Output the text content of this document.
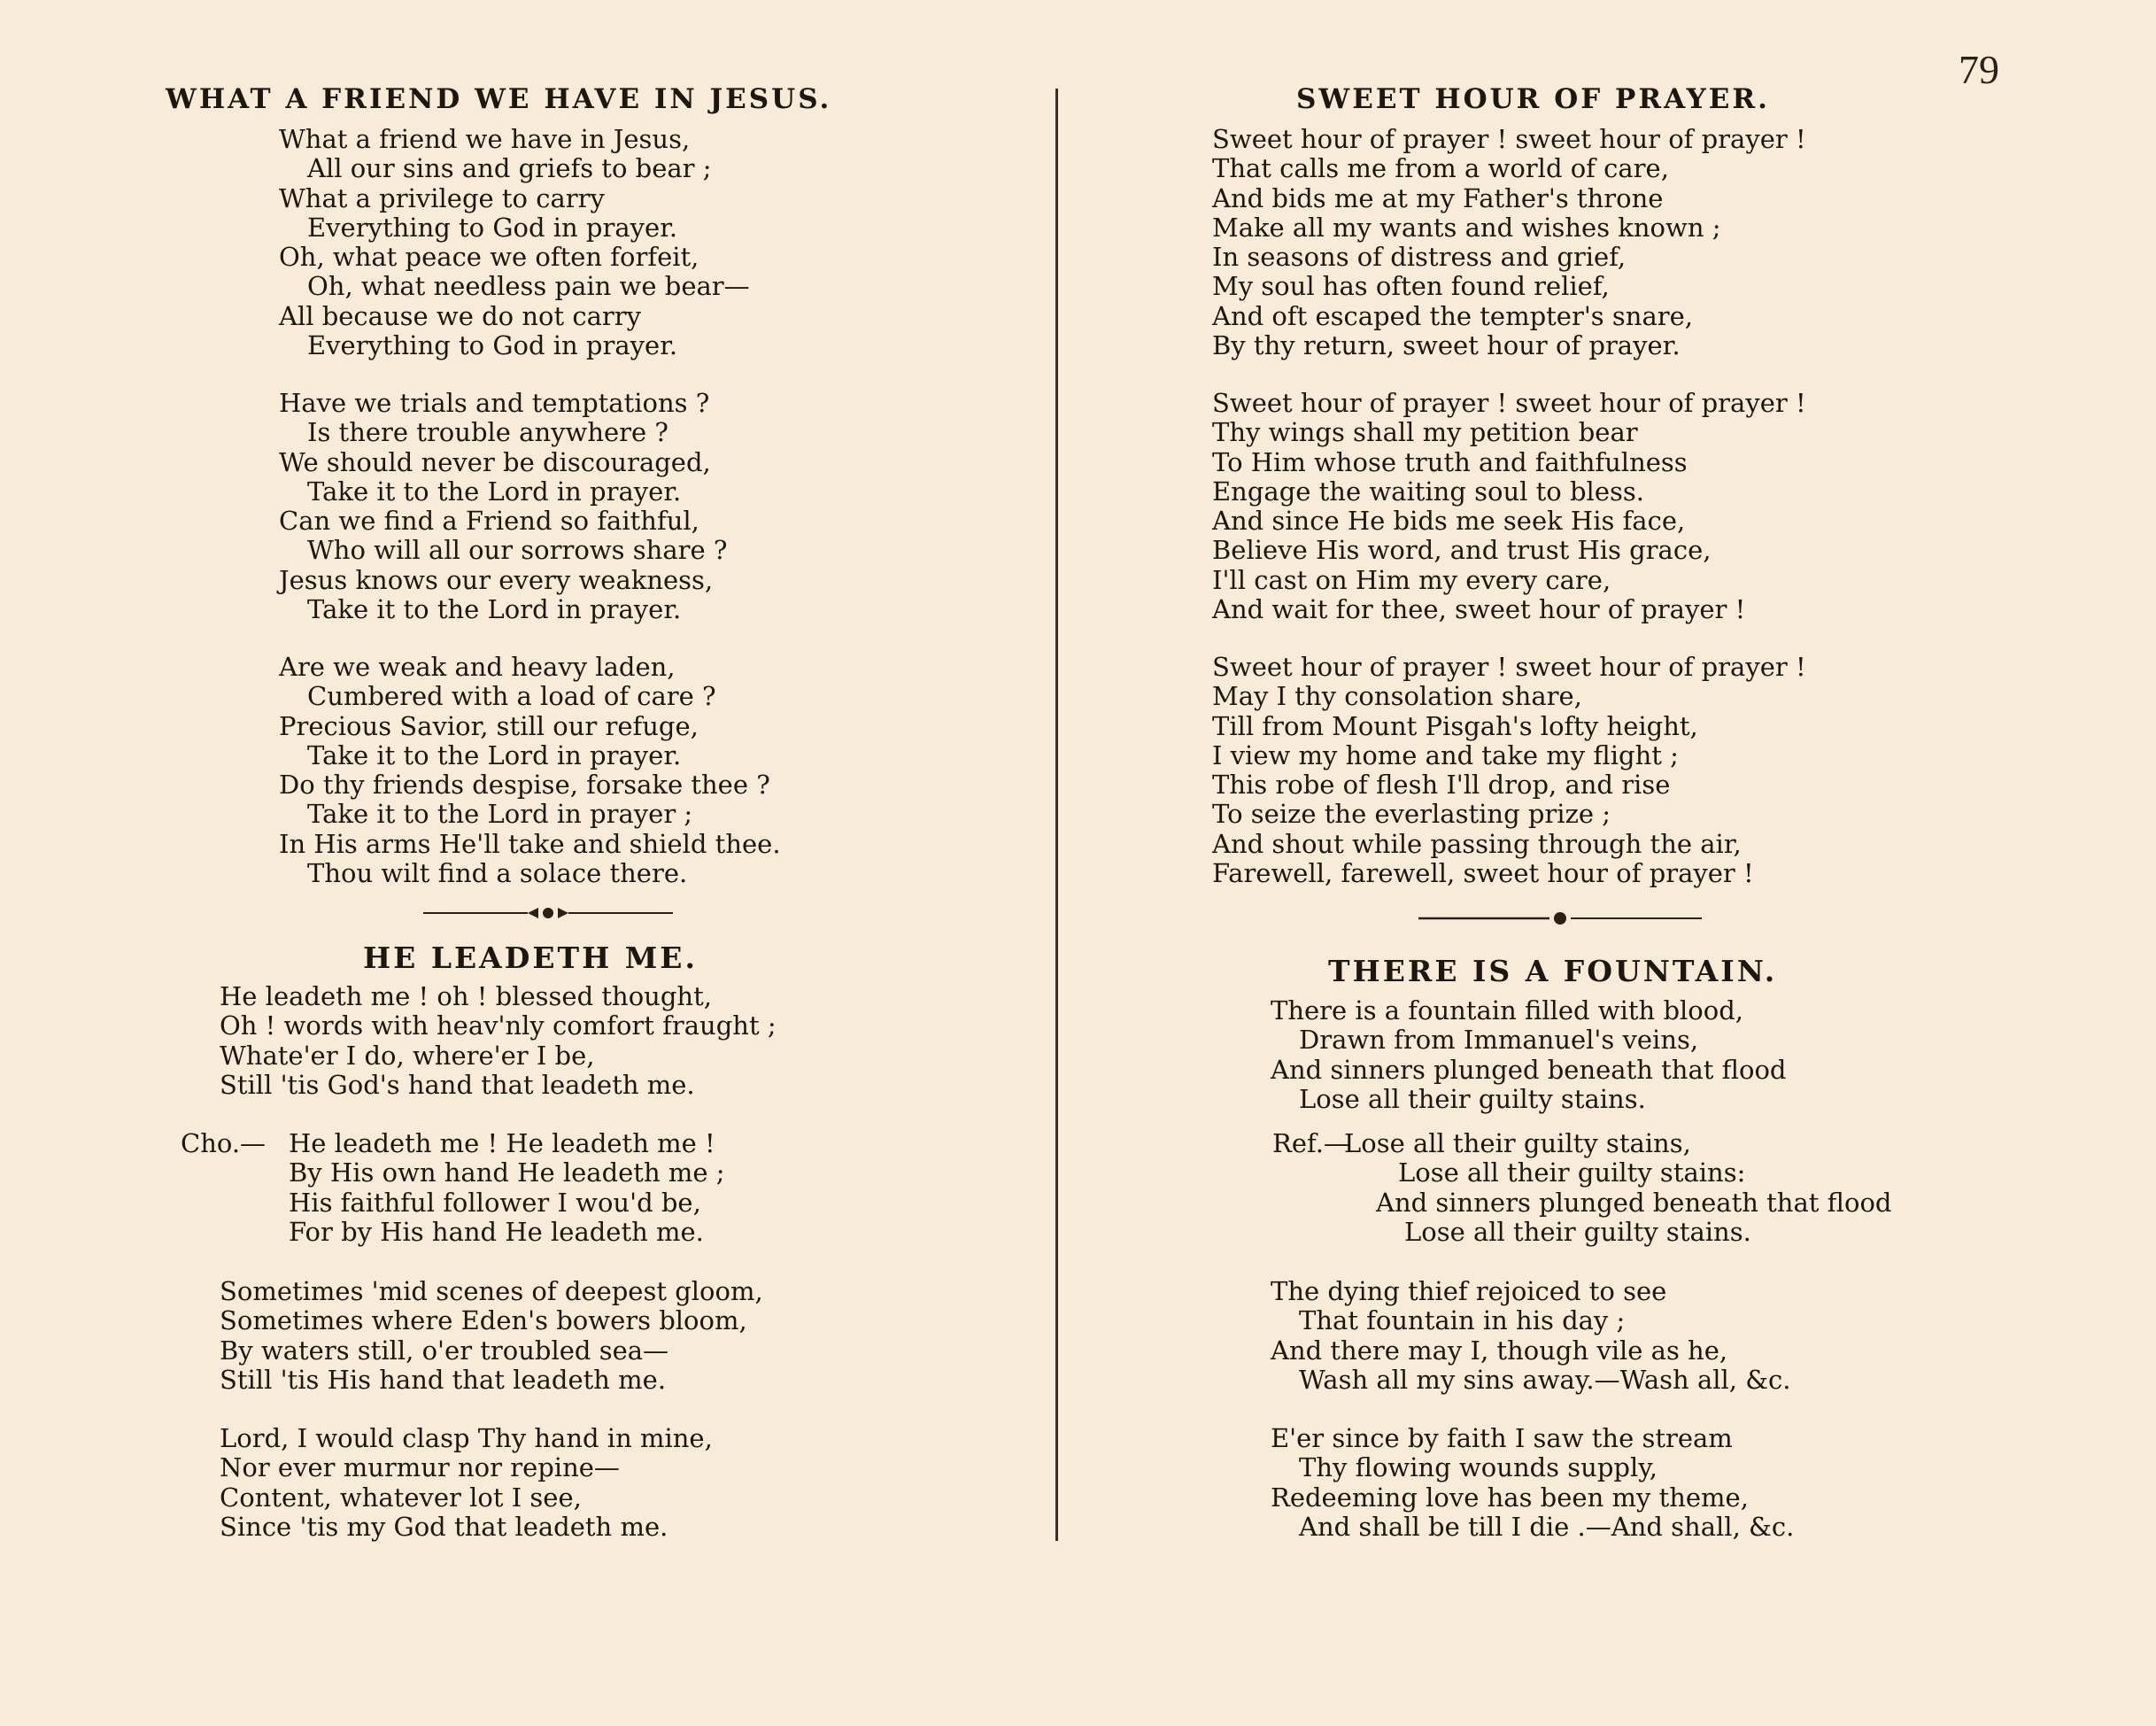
79
WHAT A FRIEND WE HAVE IN JESUS.
What a friend we have in Jesus,
All our sins and griefs to bear ;
What a privilege to carry
Everything to God in prayer.
Oh, what peace we often forfeit,
Oh, what needless pain we bear—
All because we do not carry
Everything to God in prayer.
Have we trials and temptations ?
Is there trouble anywhere ?
We should never be discouraged,
Take it to the Lord in prayer.
Can we find a Friend so faithful,
Who will all our sorrows share ?
Jesus knows our every weakness,
Take it to the Lord in prayer.
Are we weak and heavy laden,
Cumbered with a load of care ?
Precious Savior, still our refuge,
Take it to the Lord in prayer.
Do thy friends despise, forsake thee ?
Take it to the Lord in prayer ;
In His arms He'll take and shield thee.
Thou wilt find a solace there.
HE LEADETH ME.
He leadeth me ! oh ! blessed thought,
Oh ! words with heav'nly comfort fraught ;
Whate'er I do, where'er I be,
Still 'tis God's hand that leadeth me.
Cho.— He leadeth me ! He leadeth me !
By His own hand He leadeth me ;
His faithful follower I wou'd be,
For by His hand He leadeth me.
Sometimes 'mid scenes of deepest gloom,
Sometimes where Eden's bowers bloom,
By waters still, o'er troubled sea—
Still 'tis His hand that leadeth me.
Lord, I would clasp Thy hand in mine,
Nor ever murmur nor repine—
Content, whatever lot I see,
Since 'tis my God that leadeth me.
SWEET HOUR OF PRAYER.
Sweet hour of prayer ! sweet hour of prayer !
That calls me from a world of care,
And bids me at my Father's throne
Make all my wants and wishes known ;
In seasons of distress and grief,
My soul has often found relief,
And oft escaped the tempter's snare,
By thy return, sweet hour of prayer.
Sweet hour of prayer ! sweet hour of prayer !
Thy wings shall my petition bear
To Him whose truth and faithfulness
Engage the waiting soul to bless.
And since He bids me seek His face,
Believe His word, and trust His grace,
I'll cast on Him my every care,
And wait for thee, sweet hour of prayer !
Sweet hour of prayer ! sweet hour of prayer !
May I thy consolation share,
Till from Mount Pisgah's lofty height,
I view my home and take my flight ;
This robe of flesh I'll drop, and rise
To seize the everlasting prize ;
And shout while passing through the air,
Farewell, farewell, sweet hour of prayer !
THERE IS A FOUNTAIN.
There is a fountain filled with blood,
Drawn from Immanuel's veins,
And sinners plunged beneath that flood
Lose all their guilty stains.
Ref.—
Lose all their guilty stains,
Lose all their guilty stains:
And sinners plunged beneath that flood
Lose all their guilty stains.
The dying thief rejoiced to see
That fountain in his day ;
And there may I, though vile as he,
Wash all my sins away.—Wash all, &c.
E'er since by faith I saw the stream
Thy flowing wounds supply,
Redeeming love has been my theme,
And shall be till I die .—And shall, &c.
